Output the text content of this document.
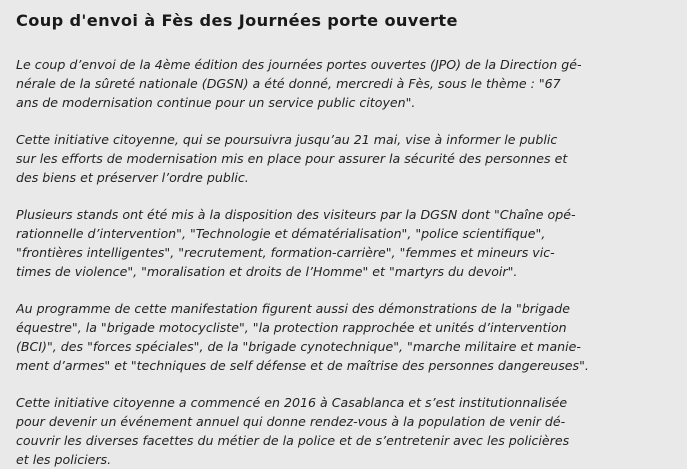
Coup d'envoi à Fès des Journées porte ouverte

Le coup d’envoi de la 4ème édition des journées portes ouvertes (JPO) de la Direction gé-
nérale de la sûreté nationale (DGSN) a été donné, mercredi à Fès, sous le thème : "67
ans de modernisation continue pour un service public citoyen".

Cette initiative citoyenne, qui se poursuivra jusqu’au 21 mai, vise à informer le public
sur les efforts de modernisation mis en place pour assurer la sécurité des personnes et
des biens et préserver l’ordre public.

Plusieurs stands ont été mis à la disposition des visiteurs par la DGSN dont "Chaîne opé-
rationnelle d’intervention", "Technologie et dématérialisation", "police scientifique",
"frontières intelligentes", "recrutement, formation-carrière", "femmes et mineurs vic-
times de violence", "moralisation et droits de l’Homme" et "martyrs du devoir".

Au programme de cette manifestation figurent aussi des démonstrations de la "brigade
équestre", la "brigade motocycliste", "la protection rapprochée et unités d’intervention
(BCI)", des "forces spéciales", de la "brigade cynotechnique", "marche militaire et manie-
ment d’armes" et "techniques de self défense et de maîtrise des personnes dangereuses".

Cette initiative citoyenne a commencé en 2016 à Casablanca et s’est institutionnalisée
pour devenir un événement annuel qui donne rendez-vous à la population de venir dé-
couvrir les diverses facettes du métier de la police et de s’entretenir avec les policières
et les policiers.
